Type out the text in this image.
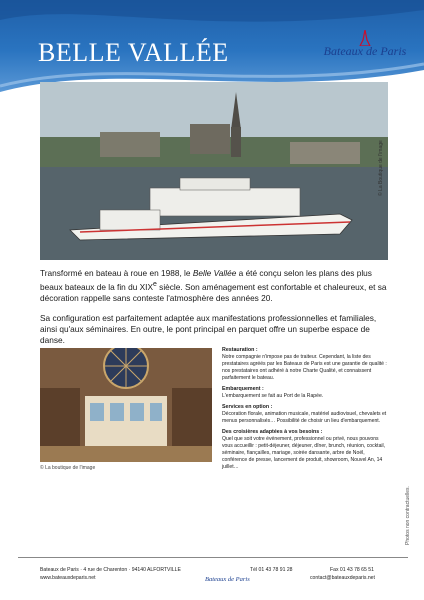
BELLE VALLÉE	Bateaux de Paris
© La Boutique de l'image

Transformé en bateau à roue en 1988, le Belle Vallée a été conçu selon les plans des plus beaux bateaux de la fin du XIXe siècle. Son aménagement est confortable et chaleureux, et sa décoration rappelle sans conteste l'atmosphère des années 20.

Sa configuration est parfaitement adaptée aux manifestations professionnelles et familiales, ainsi qu'aux séminaires. En outre, le pont principal en parquet offre un superbe espace de danse.

© La boutique de l'image
Restauration :

Notre compagnie n'impose pas de traiteur. Cependant, la liste des prestataires agréés par les Bateaux de Paris est une garantie de qualité : nos prestataires ont adhéré à notre Charte Qualité, et connaissent parfaitement le bateau.

Embarquement :

L'embarquement se fait au Port de la Rapée.

Services en option :

Décoration florale, animation musicale, matériel audiovisuel, chevalets et menus personnalisés… Possibilité de choisir un lieu d'embarquement.

Des croisières adaptées à vos besoins :

Quel que soit votre événement, professionnel ou privé, nous pouvons vous accueillir : petit-déjeuner, déjeuner, dîner, brunch, réunion, cocktail, séminaire, fiançailles, mariage, soirée dansante, arbre de Noël, conférence de presse, lancement de produit, showroom, Nouvel An, 14 juillet…

Photos non contractuelles.
Bateaux de Paris · 4 rue de Charenton · 94140 ALFORTVILLE
www.bateauxdeparis.net	Bateaux de Paris
Tél 01 43 78 91 28	Fax 01 43 78 65 51
contact@bateauxdeparis.net
